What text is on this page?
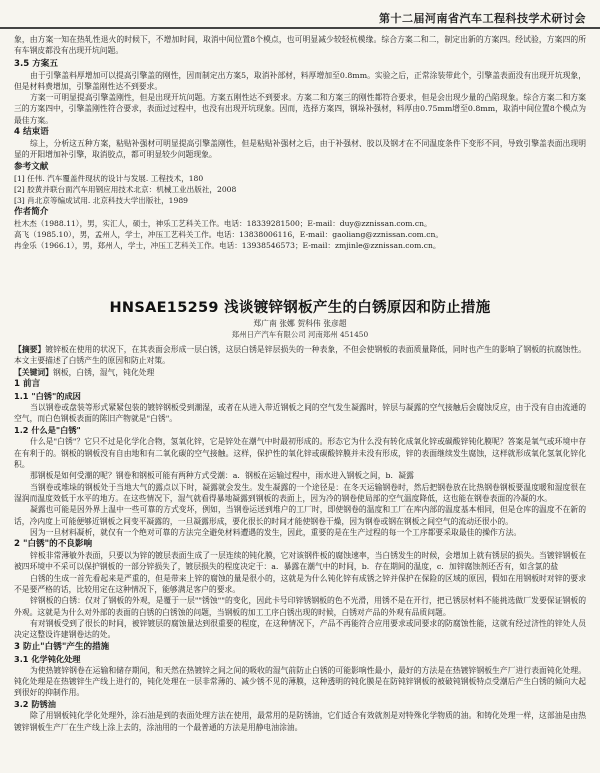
第十二届河南省汽车工程科技学术研讨会

象，由方案一知在热轧性退火的时候下，不增加时间，取消中间位置8个模点，也可明显减少较轻杭模缘。综合方案二和二，制定出新的方案四。经试验，方案四的所有车钢皮都没有出现开坑问题。

3.5 方案五

由于引擎盖料厚增加可以提高引擎盖的刚性，因而制定出方案5，取消补部材，料厚增加至0.8mm。实验之后，正常涂装带此个，引擎盖表面没有出现开坑现象，但是材料费增加，引擎盖刚性达不到要求。

方案一可明显提高引擎盖刚性，但是出现开坑问题。方案五刚性达不到要求。方案二和方案三的刚性都符合要求，但是会出现少量的凸陷现象。综合方案二和方案三的方案四中，引擎盖刚性符合要求，表面过过程中，也没有出现开坑现象。因而，选择方案四，钢垛补强材，料厚由0.75mm增至0.8mm，取消中间位置8个模点为最佳方案。

4 结束语

综上，分析这五种方案，粘贴补强材可明显提高引擎盖刚性，但是粘贴补强材之后，由于补强材、胶以及钢才在不同温度条件下变形不同，导致引擎盖表面出现明显的开阳增加补引擎，取消胶点，都可明显较少问题现象。

参考文献

[1] 任伟. 汽车覆盖件现状的设计与发展. 工程技术，180

[2] 胶黄并联台面汽车用钢应用技术北京：机械工业出版社，2008

[3] 肖北京等编成试用. 北京科技大学出版社，1989

作者简介

杜木杰（1988.11），男，实汇人，硕士，神乐工艺科关工作。电话：18339281500；E-mail：duy@zznissan.com.cn。

高飞（1985.10），男，孟州人，学士，冲压工艺科关工作。电话：13838006116，E-mail：gaoliang@zznissan.com.cn。

冉金乐（1966.1），男，郑州人，学士，冲压工艺科关工作。电话：13938546573；E-mail：zmjinle@zznissan.com.cn。

HNSAE15259 浅谈镀锌钢板产生的白锈原因和防止措施
郑广南 张娜 贺科伟 张彦超
郑州日产汽车有限公司 河南郑州 451450

【摘要】镀锌板在使用的状况下，在其表面会形成一层白锈，这层白锈是锌层损失的一种表象，不但会使钢板的表面质量降低，同时也产生的影响了钢板的抗腐蚀性。本文主要描述了白锈产生的原因和防止对策。

【关键词】钢板，白锈，湿气，钝化处理

1 前言

1.1 "白锈"的成因

当以钢卷或盘装等形式紧紧包装的镀锌钢板受到潮湿，或者在从进入带近钢板之间的空气发生凝露时，锌层与凝露的空气接触后会腐蚀反应，由于没有自由流通的空气，而白色钢板表面的陈旧产物就是"白锈"。

1.2 什么是"白锈"

什么是"白锈"？它只不过是化学化合物，氢氧化锌，它是锌处在潮气中时最初形成的。形态它为什么没有转化成氧化锌或碳酸锌钝化膜呢？答案是氧气或环境中存在有利于的。钢板的钢板没有自由地和有二氧化碳的空气接触。这样，保护性的氧化锌或碳酸锌膜并未没有形成，锌的表面继续发生腐蚀，这样就形成氧化氢氧化锌化积。

那钢板是如何受潮的呢？钢卷和钢板可能有两种方式受潮：a．钢板在运输过程中，雨水进入钢板之间，b．凝露

当钢卷或堆垛的钢板处于当地大气的露点以下时，凝露就会发生。发生凝露的一个途径是：在冬天运输钢卷时，然后把钢卷放在比热钢卷钢板要温度暖和湿度很在湿润而温度效低于水平的地方。在这些情况下，湿气就看得暴地凝露到钢板的表面上，因为冷的钢卷使局部的空气温度降低，这也能在钢卷表面的冷凝的水。

凝露也可能是因外界上温中一些可靠的方式变坏，例如，当钢卷运送到堆户的工厂时，即使钢卷的温度和工厂在库内部的温度基本相同，但是仓库的温度不在新的话，冷内度上可能便够近钢板之间变平凝露的，一旦凝露形成，要化很长的时间才能使钢卷干燥，因为钢卷或钢在钢板之间空气的流动还很小的。

因为一旦材料凝析，就仅有一个绝对可靠的方法完全避免材料遭遇的发生，因此，重要的是在生产过程的每一个工序都要采取最佳的操作方法。

2 "白锈"的不良影响

锌板非常薄敏外表面，只要以为锌的镀层表面生成了一层连续的钝化膜，它对该钢件板的腐蚀速率，当白锈发生的时候，会增加上就有锈层的损失。当镀锌钢板在被四环境中不采可以保护钢板的一部分锌损失了，镀层损失的程度决定于：a．暴露在潮气中的时间，b．存在期间的温度，c．加锌腐蚀剂还否有，如含氯的盐

白锈的生成一首先看起来是严重的，但是带来上锌的腐蚀的量是很小的，这就是为什么钝化锌有成锈之锌并保护在保险的区域的原因，假如在用钢板时对锌的要求不是要严格的话，比较用定在这种情况下，能够满足客户的要求。

锌钢板的白锈：仅对了钢板的外观，是覆于一层""锈蚀""的变化，因此卡号印锌锈钢板的色不光滑，用锈不是在开行，把已锈层材料不能挑选做厂发要保证钢板的外观。这就是为什么对外部的表面的白锈的白锈蚀的问题，当钢板的加工工序白锈出现的时候，白锈对产品的外观有品质问题。

有对钢板受到了很长的时间，被锌镀层的腐蚀量达到很重要的程度，在这种情况下，产品不再能符合应用要求或同要求的防腐蚀性能，这就有经过济性的锌处人员决定这整设许建钢卷达的处。

3 防止"白锈"产生的措施

3.1 化学钝化处理

为使热镀锌钢卷在运输和储存期间，和天然在热镀锌之间之间的吸收的湿气前防止白锈的可能影响性最小，最好的方法是在热镀锌钢板生产厂进行表面钝化处理。钝化处理是在热镀锌生产线上进行的，钝化处理在一层非常薄的、减少锈不见的薄膜，这种透明的钝化膜是在防钝锌钢板的被破钝钢板特点受潮后产生白锈的倾向大起到很好的抑制作用。

3.2 防锈油

除了用钢板钝化学化处理外，涂石油是到的表面处理方法在使用，最常用的是防锈油，它们适合有效就剂是对特殊化学物质的油。和铸化处理一样，这部油是由热镀锌钢板生产厂在生产线上涂上去的，涂油用的一个最普通的方法是用静电油涂油。
